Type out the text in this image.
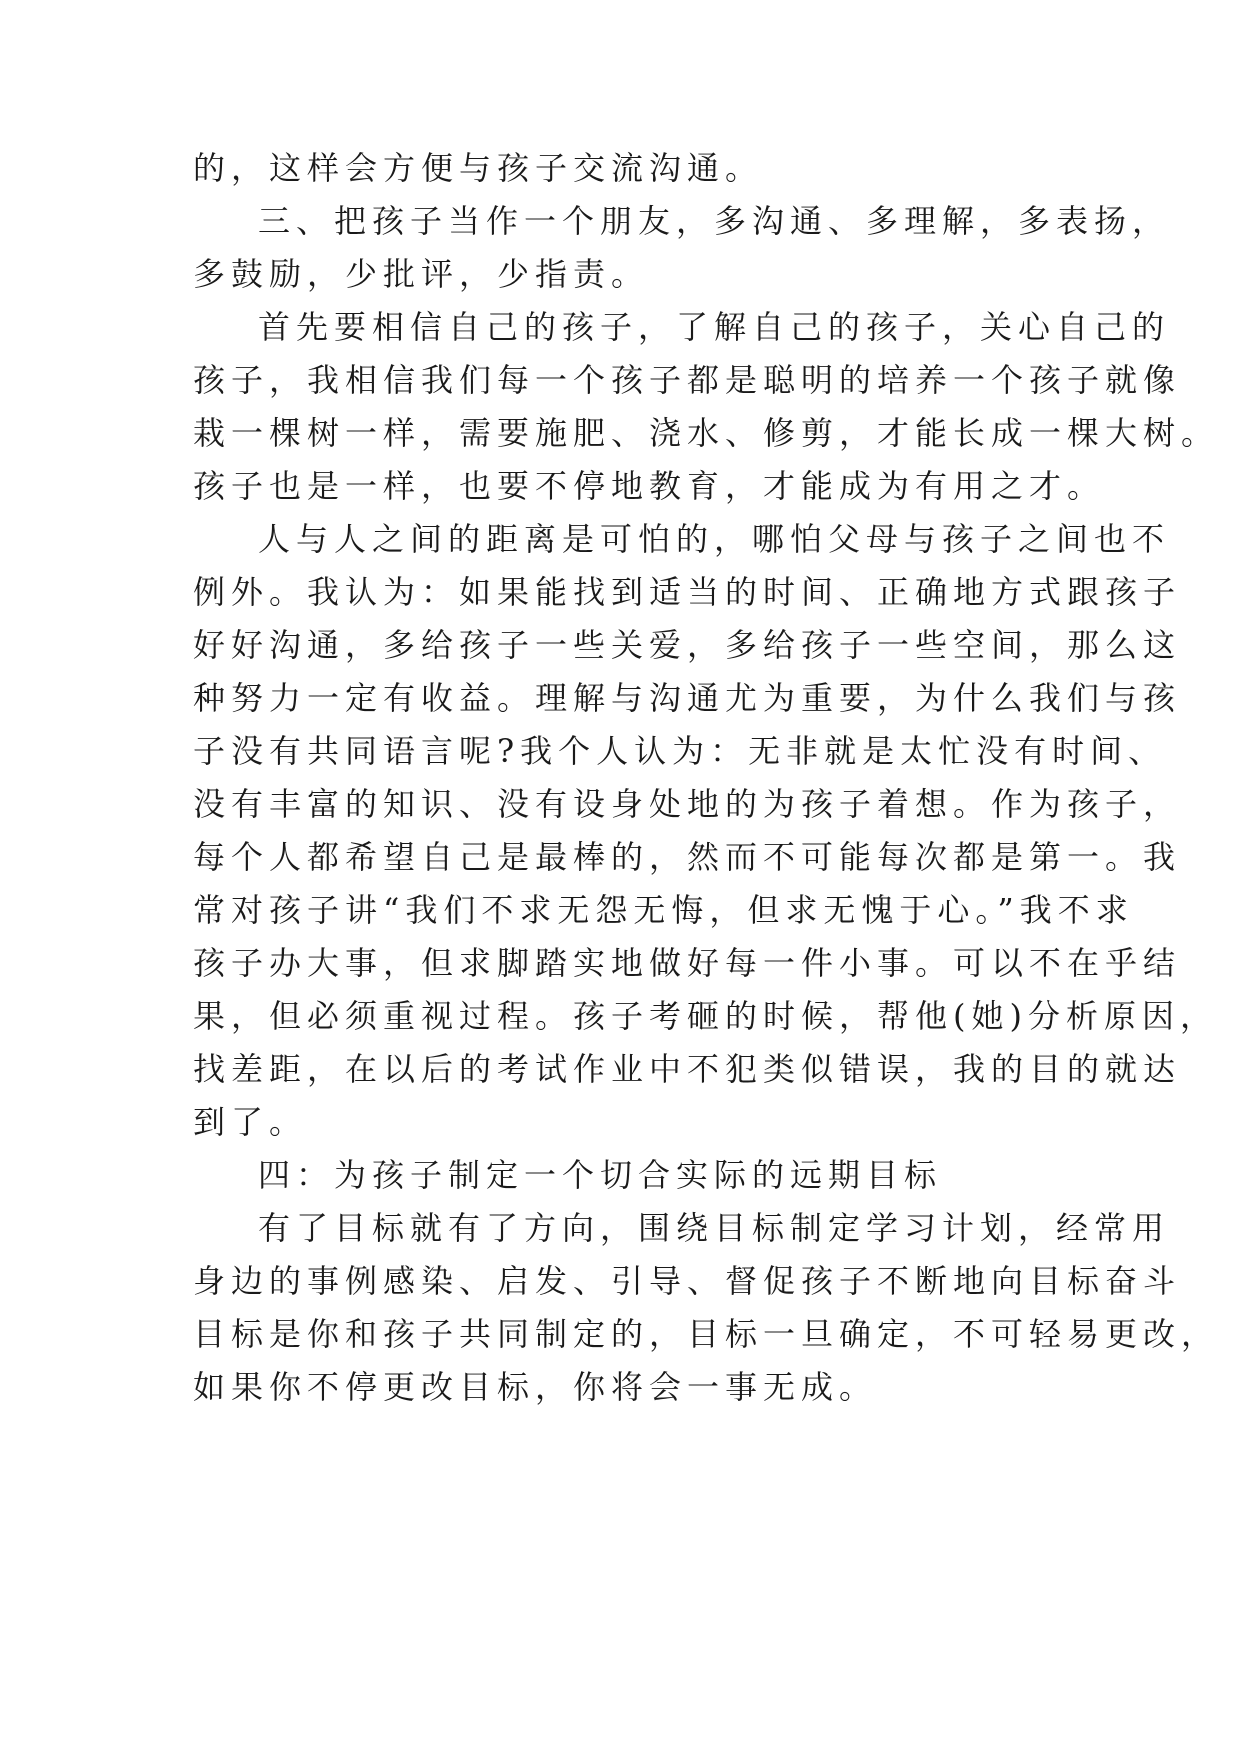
的，这样会方便与孩子交流沟通。
三、把孩子当作一个朋友，多沟通、多理解，多表扬，
多鼓励，少批评，少指责。
首先要相信自己的孩子，了解自己的孩子，关心自己的
孩子，我相信我们每一个孩子都是聪明的培养一个孩子就像
栽一棵树一样，需要施肥、浇水、修剪，才能长成一棵大树。
孩子也是一样，也要不停地教育，才能成为有用之才。
人与人之间的距离是可怕的，哪怕父母与孩子之间也不
例外。我认为：如果能找到适当的时间、正确地方式跟孩子
好好沟通，多给孩子一些关爱，多给孩子一些空间，那么这
种努力一定有收益。理解与沟通尤为重要，为什么我们与孩
子没有共同语言呢?我个人认为：无非就是太忙没有时间、
没有丰富的知识、没有设身处地的为孩子着想。作为孩子，
每个人都希望自己是最棒的，然而不可能每次都是第一。我
常对孩子讲“我们不求无怨无悔，但求无愧于心。”我不求
孩子办大事，但求脚踏实地做好每一件小事。可以不在乎结
果，但必须重视过程。孩子考砸的时候，帮他(她)分析原因，
找差距，在以后的考试作业中不犯类似错误，我的目的就达
到了。
四：为孩子制定一个切合实际的远期目标
有了目标就有了方向，围绕目标制定学习计划，经常用
身边的事例感染、启发、引导、督促孩子不断地向目标奋斗
目标是你和孩子共同制定的，目标一旦确定，不可轻易更改，
如果你不停更改目标，你将会一事无成。
